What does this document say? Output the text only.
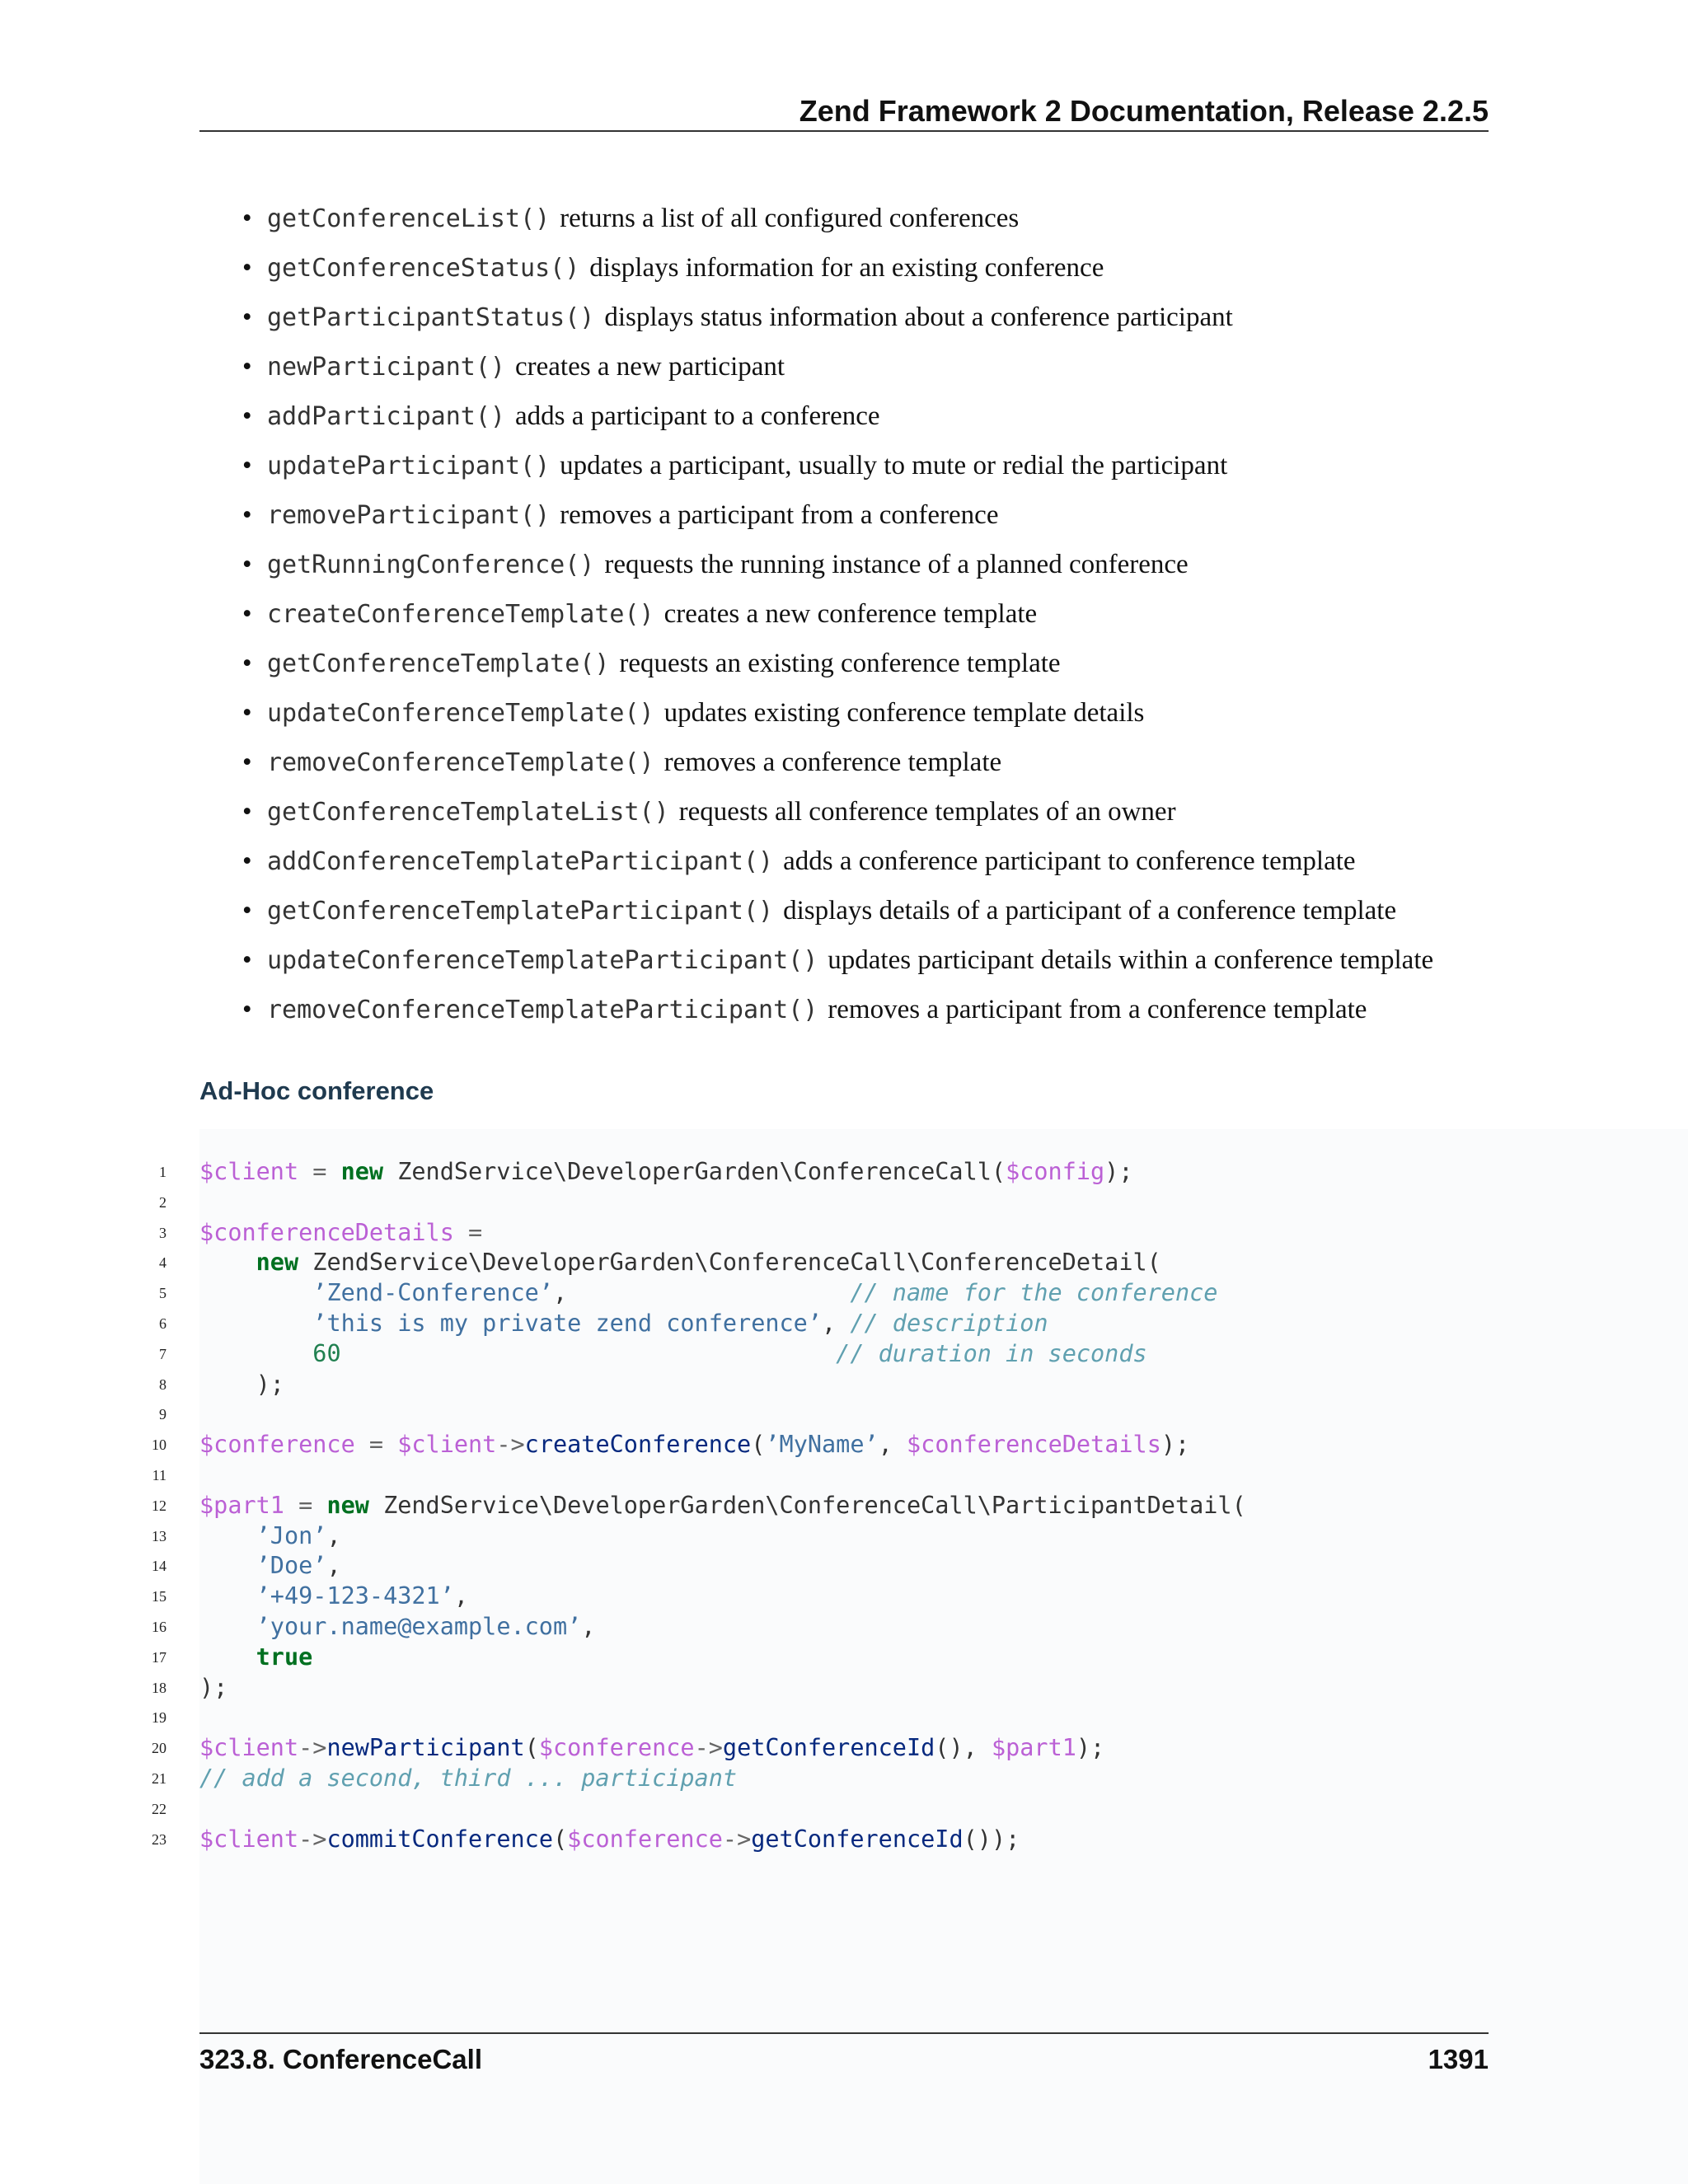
Zend Framework 2 Documentation, Release 2.2.5
• getConferenceList() returns a list of all configured conferences
• getConferenceStatus() displays information for an existing conference
• getParticipantStatus() displays status information about a conference participant
• newParticipant() creates a new participant
• addParticipant() adds a participant to a conference
• updateParticipant() updates a participant, usually to mute or redial the participant
• removeParticipant() removes a participant from a conference
• getRunningConference() requests the running instance of a planned conference
• createConferenceTemplate() creates a new conference template
• getConferenceTemplate() requests an existing conference template
• updateConferenceTemplate() updates existing conference template details
• removeConferenceTemplate() removes a conference template
• getConferenceTemplateList() requests all conference templates of an owner
• addConferenceTemplateParticipant() adds a conference participant to conference template
• getConferenceTemplateParticipant() displays details of a participant of a conference template
• updateConferenceTemplateParticipant() updates participant details within a conference template
• removeConferenceTemplateParticipant() removes a participant from a conference template
Ad-Hoc conference
1 $client = new ZendService\DeveloperGarden\ConferenceCall($config);
2
3 $conferenceDetails =
4	new ZendService\DeveloperGarden\ConferenceCall\ConferenceDetail(
5	’Zend-Conference’,                    // name for the conference
6	’this is my private zend conference’, // description
7	60	// duration in seconds
8 );
9
10 $conference = $client->createConference(’MyName’, $conferenceDetails);
11
12 $part1 = new ZendService\DeveloperGarden\ConferenceCall\ParticipantDetail(
13	’Jon’,
14	’Doe’,
15	’+49-123-4321’,
16	’your.name@example.com’,
17	true
18 );
19
20 $client->newParticipant($conference->getConferenceId(), $part1);
21 // add a second, third ... participant
22
23 $client->commitConference($conference->getConferenceId());
323.8. ConferenceCall	1391
